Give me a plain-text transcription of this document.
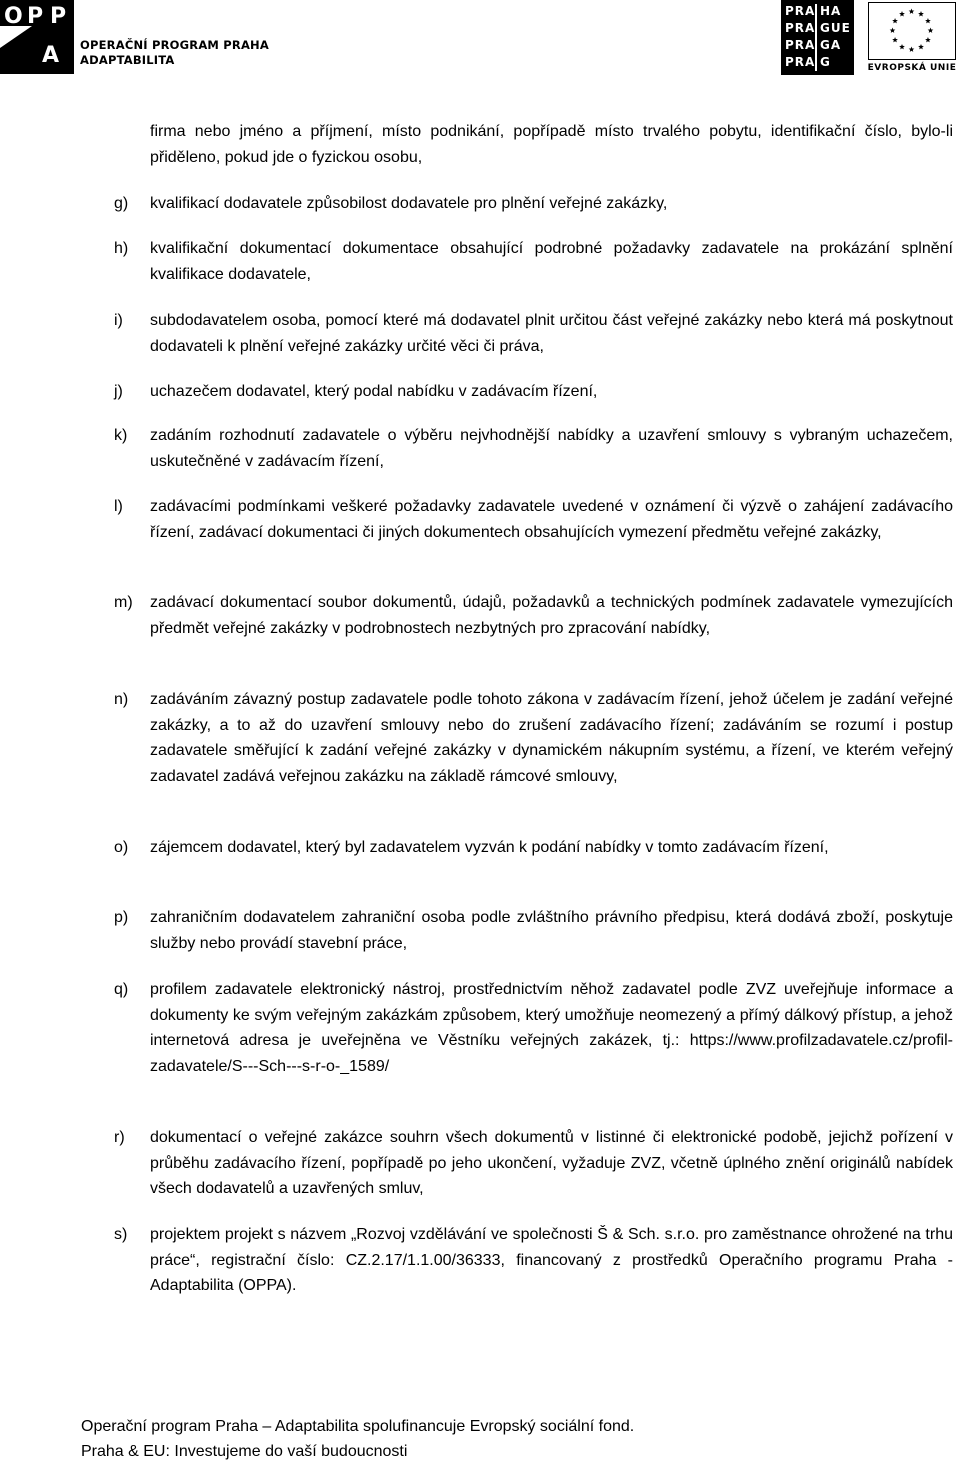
O P P
A OPERAČNÍ PROGRAM PRAHA
ADAPTABILITA
PRA HA
PRA GUE
PRA GA
PRA G	EVROPSKÁ UNIE
firma nebo jméno a příjmení, místo podnikání, popřípadě místo trvalého pobytu, identifikační číslo, bylo-li přiděleno, pokud jde o fyzickou osobu,
g) kvalifikací dodavatele způsobilost dodavatele pro plnění veřejné zakázky,
h) kvalifikační dokumentací dokumentace obsahující podrobné požadavky zadavatele na prokázání splnění kvalifikace dodavatele,
i) subdodavatelem osoba, pomocí které má dodavatel plnit určitou část veřejné zakázky nebo která má poskytnout dodavateli k plnění veřejné zakázky určité věci či práva,
j) uchazečem dodavatel, který podal nabídku v zadávacím řízení,
k) zadáním rozhodnutí zadavatele o výběru nejvhodnější nabídky a uzavření smlouvy s vybraným uchazečem, uskutečněné v zadávacím řízení,
l) zadávacími podmínkami veškeré požadavky zadavatele uvedené v oznámení či výzvě o zahájení zadávacího řízení, zadávací dokumentaci či jiných dokumentech obsahujících vymezení předmětu veřejné zakázky,
m) zadávací dokumentací soubor dokumentů, údajů, požadavků a technických podmínek zadavatele vymezujících předmět veřejné zakázky v podrobnostech nezbytných pro zpracování nabídky,
n) zadáváním závazný postup zadavatele podle tohoto zákona v zadávacím řízení, jehož účelem je zadání veřejné zakázky, a to až do uzavření smlouvy nebo do zrušení zadávacího řízení; zadáváním se rozumí i postup zadavatele směřující k zadání veřejné zakázky v dynamickém nákupním systému, a řízení, ve kterém veřejný zadavatel zadává veřejnou zakázku na základě rámcové smlouvy,
o) zájemcem dodavatel, který byl zadavatelem vyzván k podání nabídky v tomto zadávacím řízení,
p) zahraničním dodavatelem zahraniční osoba podle zvláštního právního předpisu, která dodává zboží, poskytuje služby nebo provádí stavební práce,
q) profilem zadavatele elektronický nástroj, prostřednictvím něhož zadavatel podle ZVZ uveřejňuje informace a dokumenty ke svým veřejným zakázkám způsobem, který umožňuje neomezený a přímý dálkový přístup, a jehož internetová adresa je uveřejněna ve Věstníku veřejných zakázek, tj.: https://www.profilzadavatele.cz/profil-zadavatele/S---Sch---s-r-o-_1589/
r) dokumentací o veřejné zakázce souhrn všech dokumentů v listinné či elektronické podobě, jejichž pořízení v průběhu zadávacího řízení, popřípadě po jeho ukončení, vyžaduje ZVZ, včetně úplného znění originálů nabídek všech dodavatelů a uzavřených smluv,
s) projektem projekt s názvem „Rozvoj vzdělávání ve společnosti Š & Sch. s.r.o. pro zaměstnance ohrožené na trhu práce“, registrační číslo: CZ.2.17/1.1.00/36333, financovaný z prostředků Operačního programu Praha - Adaptabilita (OPPA).
Operační program Praha – Adaptabilita spolufinancuje Evropský sociální fond.
Praha & EU: Investujeme do vaší budoucnosti
